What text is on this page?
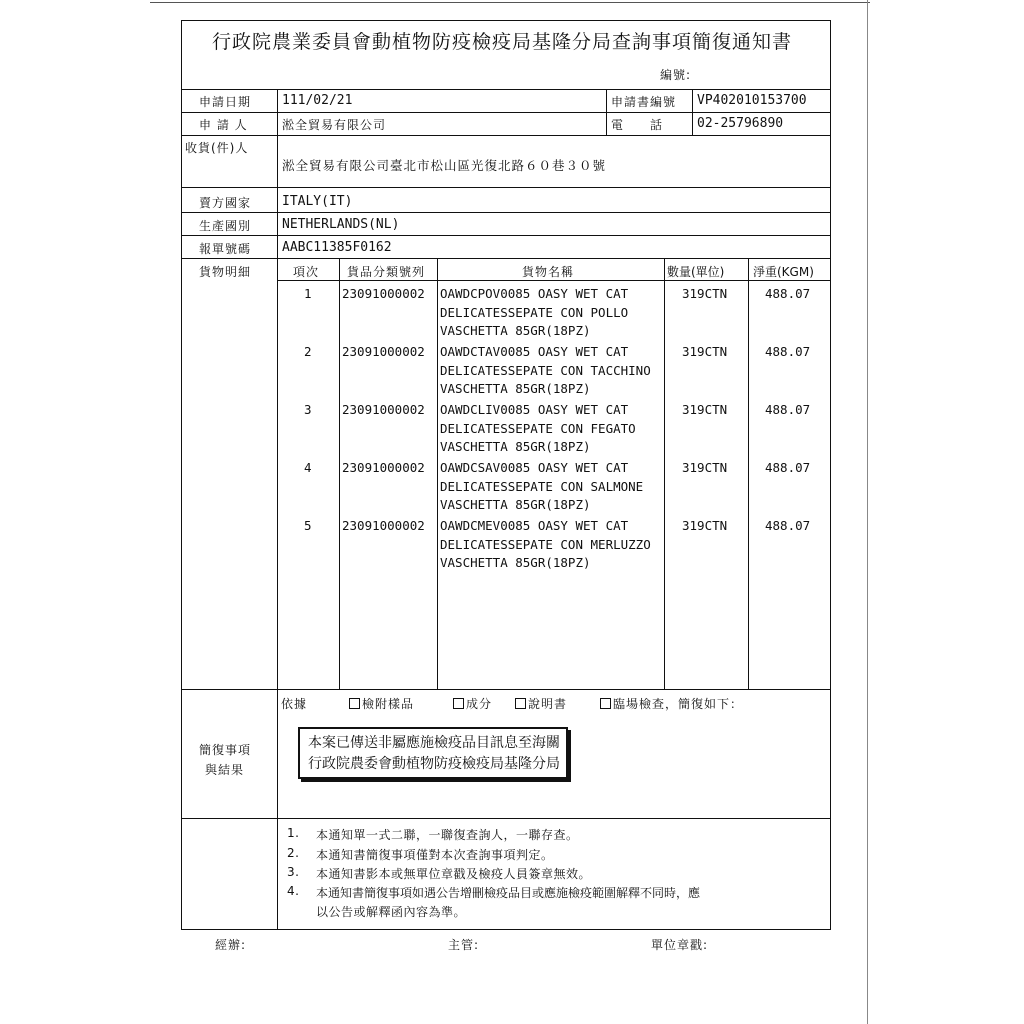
行政院農業委員會動植物防疫檢疫局基隆分局查詢事項簡復通知書
編號:
申請日期 111/02/21	申請書編號 VP402010153700
申 請 人	淞全貿易有限公司	電　　話	02-25796890
收貨(件)人
淞全貿易有限公司臺北市松山區光復北路６０巷３０號
賣方國家 ITALY(IT)
生產國別 NETHERLANDS(NL)
報單號碼 AABC11385F0162
貨物明細	項次 貨品分類號列	貨物名稱	數量(單位) 淨重(KGM)
1 23091000002 OAWDCPOV0085 OASY WET CAT
DELICATESSEPATE CON POLLO
VASCHETTA 85GR(18PZ)
319CTN	488.07
2 23091000002 OAWDCTAV0085 OASY WET CAT
DELICATESSEPATE CON TACCHINO
VASCHETTA 85GR(18PZ)
319CTN	488.07
3 23091000002 OAWDCLIV0085 OASY WET CAT
DELICATESSEPATE CON FEGATO
VASCHETTA 85GR(18PZ)
319CTN	488.07
4 23091000002 OAWDCSAV0085 OASY WET CAT
DELICATESSEPATE CON SALMONE
VASCHETTA 85GR(18PZ)
319CTN	488.07
5 23091000002 OAWDCMEV0085 OASY WET CAT
DELICATESSEPATE CON MERLUZZO
VASCHETTA 85GR(18PZ)
319CTN	488.07
簡復事項
與結果
依據	檢附樣品	成分	說明書	臨場檢查，簡復如下：
本案已傳送非屬應施檢疫品目訊息至海關
行政院農委會動植物防疫檢疫局基隆分局
1. 本通知單一式二聯，一聯復查詢人，一聯存查。
2. 本通知書簡復事項僅對本次查詢事項判定。
3. 本通知書影本或無單位章戳及檢疫人員簽章無效。
4. 本通知書簡復事項如遇公告增刪檢疫品目或應施檢疫範圍解釋不同時，應
以公告或解釋函內容為準。
經辦:	主管:	單位章戳:
